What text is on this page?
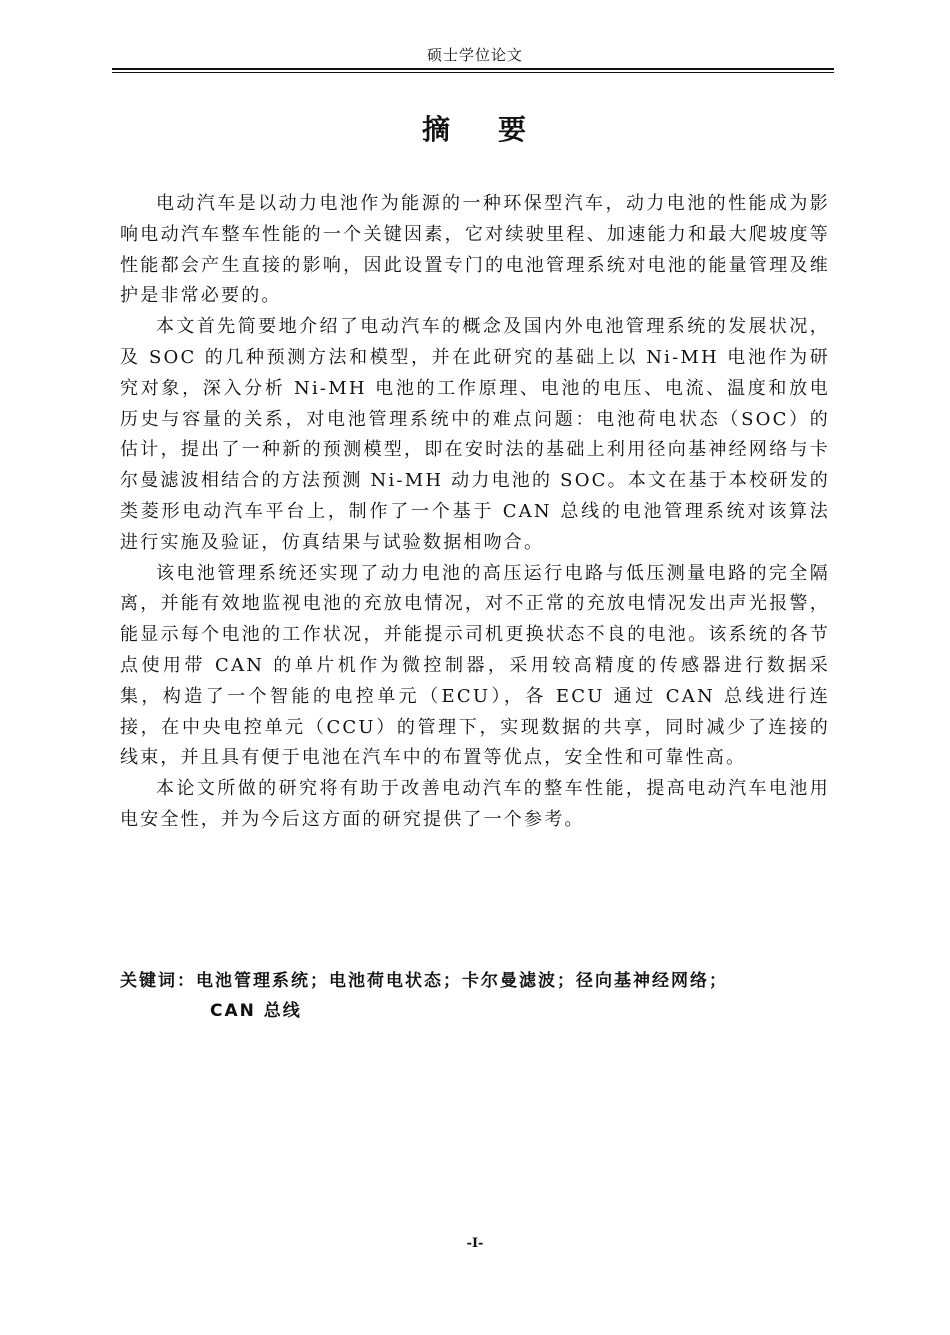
硕士学位论文
摘 要

电动汽车是以动力电池作为能源的一种环保型汽车，动力电池的性能成为影响电动汽车整车性能的一个关键因素，它对续驶里程、加速能力和最大爬坡度等性能都会产生直接的影响，因此设置专门的电池管理系统对电池的能量管理及维护是非常必要的。

本文首先简要地介绍了电动汽车的概念及国内外电池管理系统的发展状况，及 SOC 的几种预测方法和模型，并在此研究的基础上以 Ni-MH 电池作为研究对象，深入分析 Ni-MH 电池的工作原理、电池的电压、电流、温度和放电历史与容量的关系，对电池管理系统中的难点问题：电池荷电状态（SOC）的估计，提出了一种新的预测模型，即在安时法的基础上利用径向基神经网络与卡尔曼滤波相结合的方法预测 Ni-MH 动力电池的 SOC。本文在基于本校研发的类菱形电动汽车平台上，制作了一个基于 CAN 总线的电池管理系统对该算法进行实施及验证，仿真结果与试验数据相吻合。

该电池管理系统还实现了动力电池的高压运行电路与低压测量电路的完全隔离，并能有效地监视电池的充放电情况，对不正常的充放电情况发出声光报警，能显示每个电池的工作状况，并能提示司机更换状态不良的电池。该系统的各节点使用带 CAN 的单片机作为微控制器，采用较高精度的传感器进行数据采集，构造了一个智能的电控单元（ECU），各 ECU 通过 CAN 总线进行连接，在中央电控单元（CCU）的管理下，实现数据的共享，同时减少了连接的线束，并且具有便于电池在汽车中的布置等优点，安全性和可靠性高。

本论文所做的研究将有助于改善电动汽车的整车性能，提高电动汽车电池用电安全性，并为今后这方面的研究提供了一个参考。

关键词：电池管理系统；电池荷电状态；卡尔曼滤波；径向基神经网络；
CAN 总线
-I-
